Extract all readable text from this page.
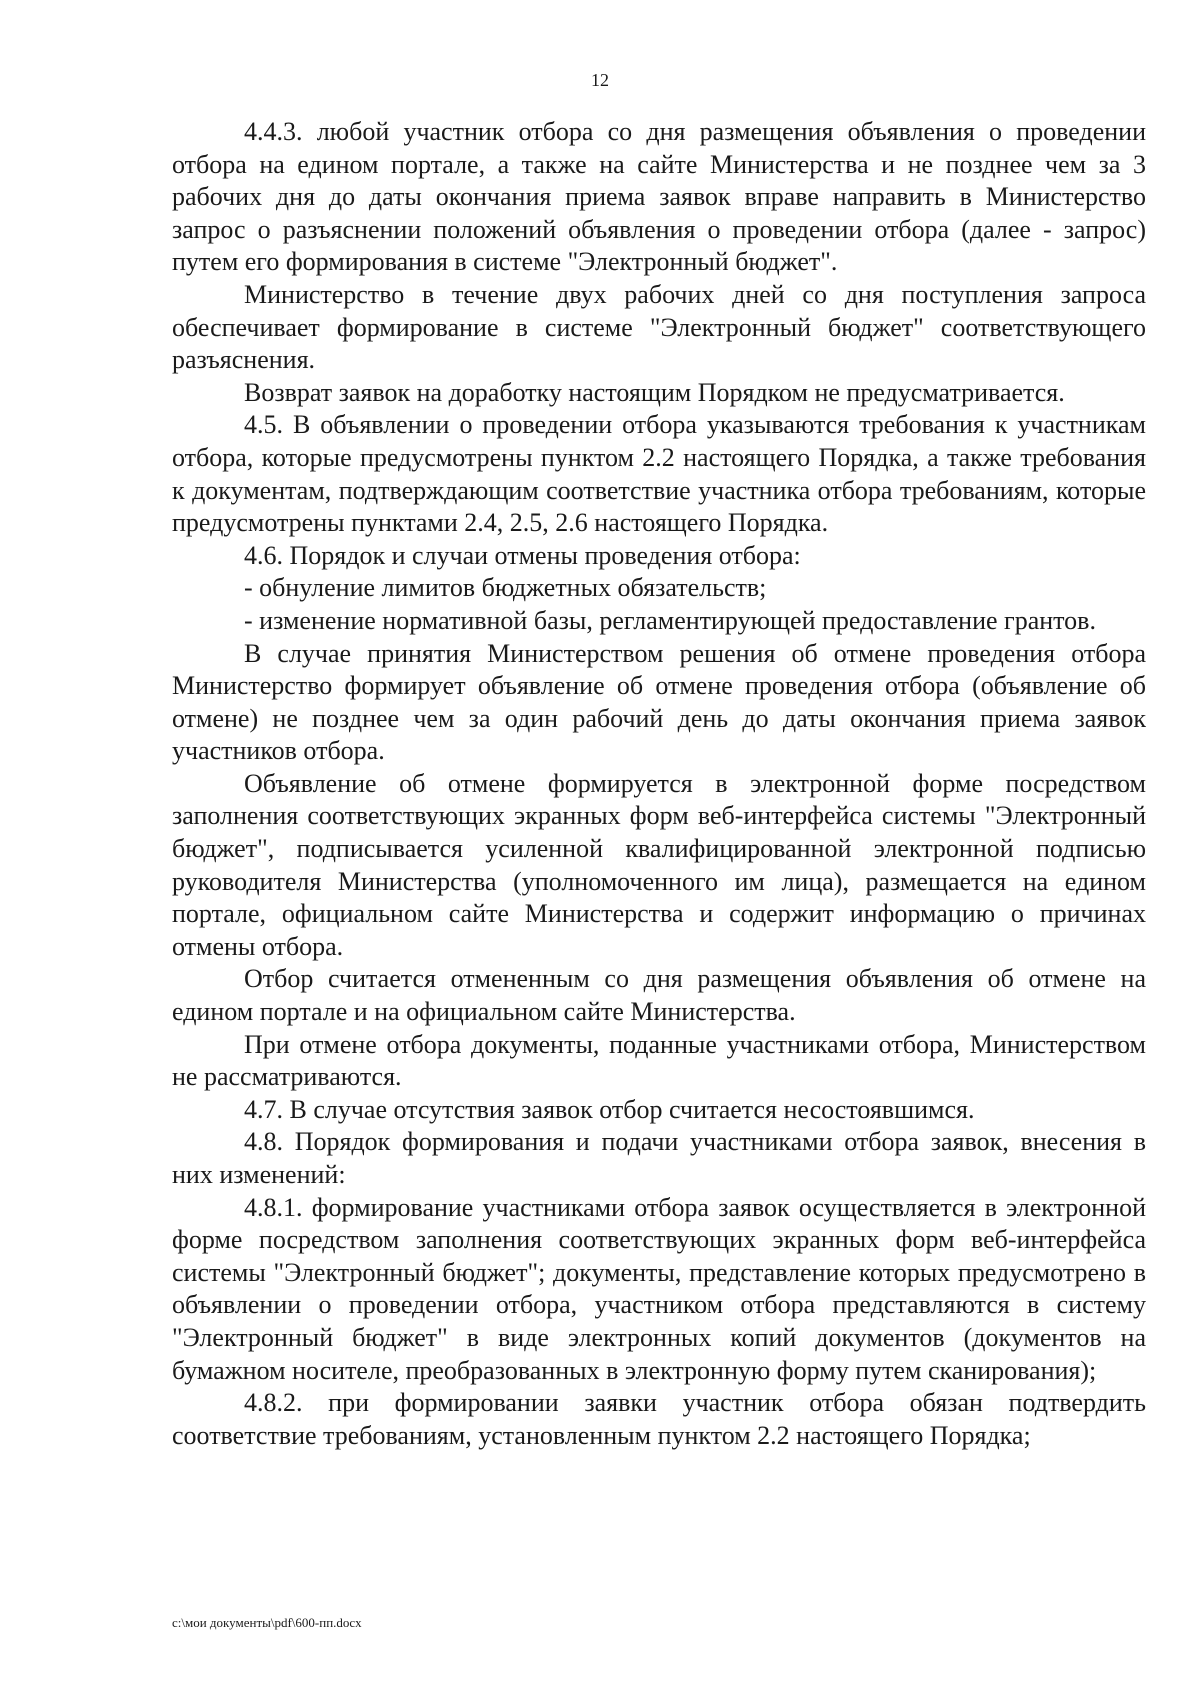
12

4.4.3. любой участник отбора со дня размещения объявления о проведении отбора на едином портале, а также на сайте Министерства и не позднее чем за 3 рабочих дня до даты окончания приема заявок вправе направить в Министерство запрос о разъяснении положений объявления о проведении отбора (далее - запрос) путем его формирования в системе "Электронный бюджет".

Министерство в течение двух рабочих дней со дня поступления запроса обеспечивает формирование в системе "Электронный бюджет" соответствующего разъяснения.

Возврат заявок на доработку настоящим Порядком не предусматривается.

4.5. В объявлении о проведении отбора указываются требования к участникам отбора, которые предусмотрены пунктом 2.2 настоящего Порядка, а также требования к документам, подтверждающим соответствие участника отбора требованиям, которые предусмотрены пунктами 2.4, 2.5, 2.6 настоящего Порядка.

4.6. Порядок и случаи отмены проведения отбора:

- обнуление лимитов бюджетных обязательств;

- изменение нормативной базы, регламентирующей предоставление грантов.

В случае принятия Министерством решения об отмене проведения отбора Министерство формирует объявление об отмене проведения отбора (объявление об отмене) не позднее чем за один рабочий день до даты окончания приема заявок участников отбора.

Объявление об отмене формируется в электронной форме посредством заполнения соответствующих экранных форм веб-интерфейса системы "Электронный бюджет", подписывается усиленной квалифицированной электронной подписью руководителя Министерства (уполномоченного им лица), размещается на едином портале, официальном сайте Министерства и содержит информацию о причинах отмены отбора.

Отбор считается отмененным со дня размещения объявления об отмене на едином портале и на официальном сайте Министерства.

При отмене отбора документы, поданные участниками отбора, Министерством не рассматриваются.

4.7. В случае отсутствия заявок отбор считается несостоявшимся.

4.8. Порядок формирования и подачи участниками отбора заявок, внесения в них изменений:

4.8.1. формирование участниками отбора заявок осуществляется в электронной форме посредством заполнения соответствующих экранных форм веб-интерфейса системы "Электронный бюджет"; документы, представление которых предусмотрено в объявлении о проведении отбора, участником отбора представляются в систему "Электронный бюджет" в виде электронных копий документов (документов на бумажном носителе, преобразованных в электронную форму путем сканирования);

4.8.2. при формировании заявки участник отбора обязан подтвердить соответствие требованиям, установленным пунктом 2.2 настоящего Порядка;

c:\мои документы\pdf\600-пп.docx
